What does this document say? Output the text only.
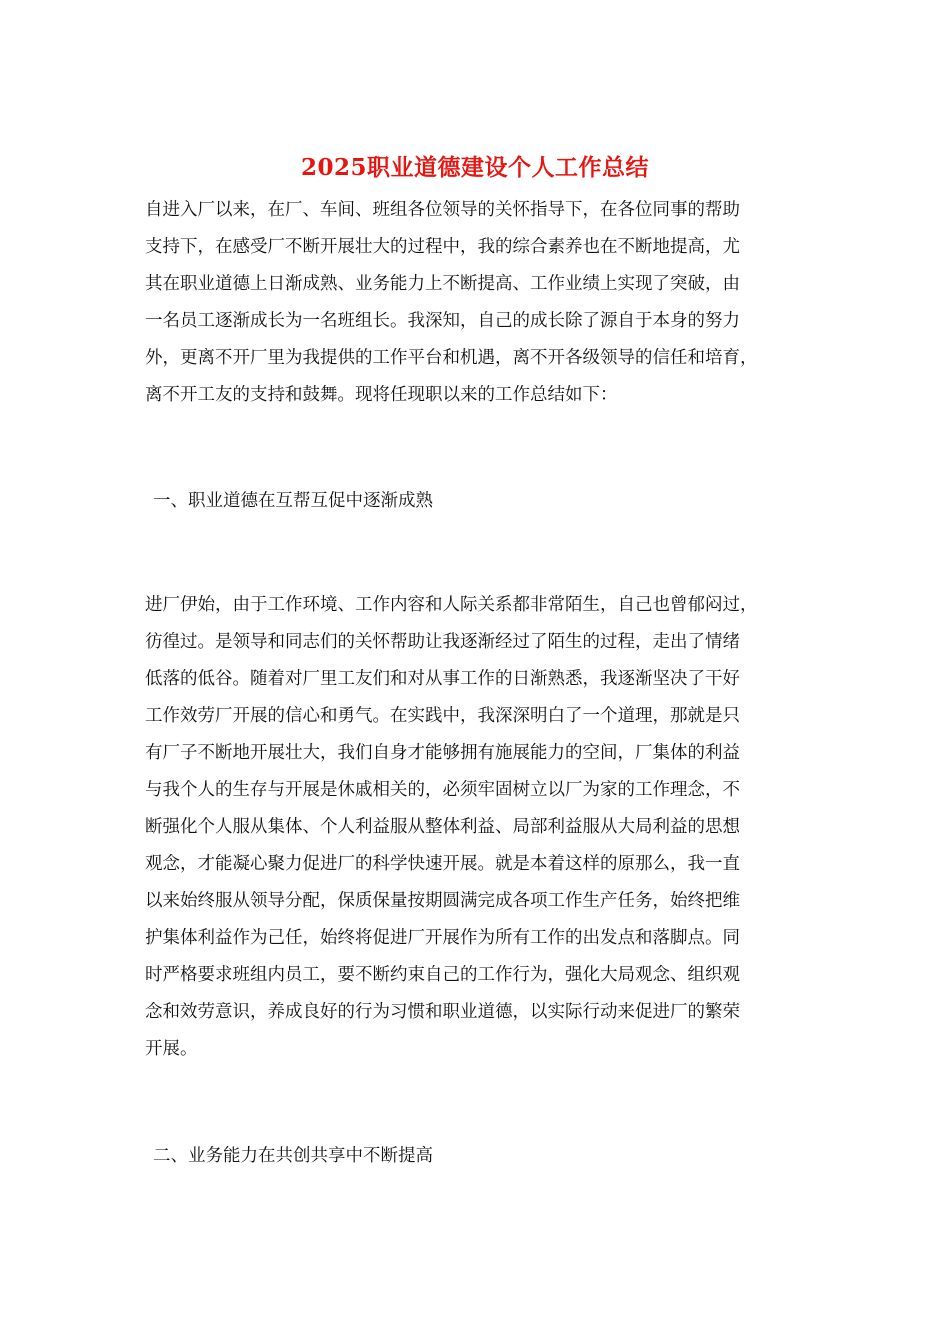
2025职业道德建设个人工作总结
自进入厂以来，在厂、车间、班组各位领导的关怀指导下，在各位同事的帮助
支持下，在感受厂不断开展壮大的过程中，我的综合素养也在不断地提高，尤
其在职业道德上日渐成熟、业务能力上不断提高、工作业绩上实现了突破，由
一名员工逐渐成长为一名班组长。我深知，自己的成长除了源自于本身的努力
外，更离不开厂里为我提供的工作平台和机遇，离不开各级领导的信任和培育，
离不开工友的支持和鼓舞。现将任现职以来的工作总结如下：
一、职业道德在互帮互促中逐渐成熟
进厂伊始，由于工作环境、工作内容和人际关系都非常陌生，自己也曾郁闷过，
彷徨过。是领导和同志们的关怀帮助让我逐渐经过了陌生的过程，走出了情绪
低落的低谷。随着对厂里工友们和对从事工作的日渐熟悉，我逐渐坚决了干好
工作效劳厂开展的信心和勇气。在实践中，我深深明白了一个道理，那就是只
有厂子不断地开展壮大，我们自身才能够拥有施展能力的空间，厂集体的利益
与我个人的生存与开展是休戚相关的，必须牢固树立以厂为家的工作理念，不
断强化个人服从集体、个人利益服从整体利益、局部利益服从大局利益的思想
观念，才能凝心聚力促进厂的科学快速开展。就是本着这样的原那么，我一直
以来始终服从领导分配，保质保量按期圆满完成各项工作生产任务，始终把维
护集体利益作为己任，始终将促进厂开展作为所有工作的出发点和落脚点。同
时严格要求班组内员工，要不断约束自己的工作行为，强化大局观念、组织观
念和效劳意识，养成良好的行为习惯和职业道德，以实际行动来促进厂的繁荣
开展。
二、业务能力在共创共享中不断提高
